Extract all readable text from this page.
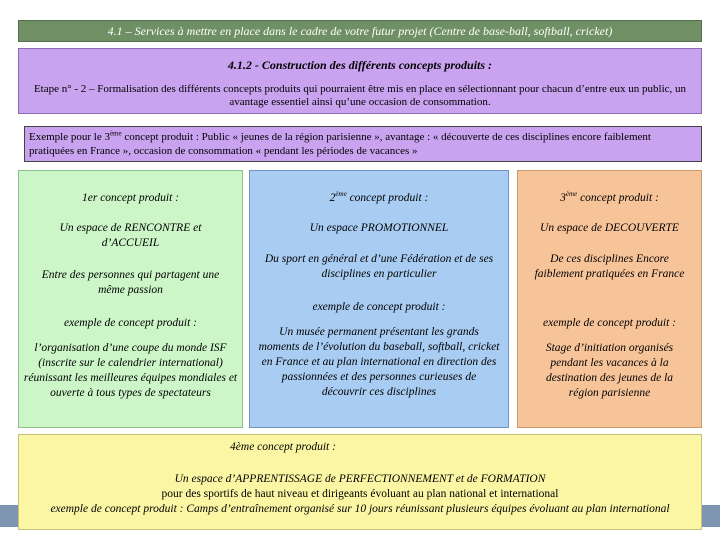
4.1 – Services à mettre en place dans le cadre de votre futur projet (Centre de base-ball, softball, cricket)

4.1.2 - Construction des différents concepts produits :

Etape n° - 2 – Formalisation des différents concepts produits qui pourraient être mis en place en sélectionnant pour chacun d’entre eux un public, un avantage essentiel ainsi qu’une occasion de consommation.

Exemple pour le 3ème concept produit : Public « jeunes de la région parisienne », avantage : « découverte de ces disciplines encore faiblement pratiquées en France », occasion de consommation « pendant les périodes de vacances »
1er concept produit :
Un espace de RENCONTRE et d’ACCUEIL
Entre des personnes qui partagent une même passion
exemple de concept produit :
l’organisation d’une coupe du monde ISF (inscrite sur le calendrier international) réunissant les meilleures équipes mondiales et ouverte à tous types de spectateurs
2ème concept produit :
Un espace PROMOTIONNEL
Du sport en général et d’une Fédération et de ses disciplines en particulier
exemple de concept produit :
Un musée permanent présentant les grands moments de l’évolution du baseball, softball, cricket en France et au plan international en direction des passionnées et des personnes curieuses de découvrir ces disciplines
3ème concept produit :
Un espace de DECOUVERTE
De ces disciplines Encore faiblement pratiquées en France
exemple de concept produit :
Stage d’initiation organisés pendant les vacances à la destination des jeunes de la région parisienne
4ème concept produit :
Un espace d’APPRENTISSAGE de PERFECTIONNEMENT et de FORMATION
pour des sportifs de haut niveau et dirigeants évoluant au plan national et international
exemple de concept produit : Camps d’entraînement organisé sur 10 jours réunissant plusieurs équipes évoluant au plan international
